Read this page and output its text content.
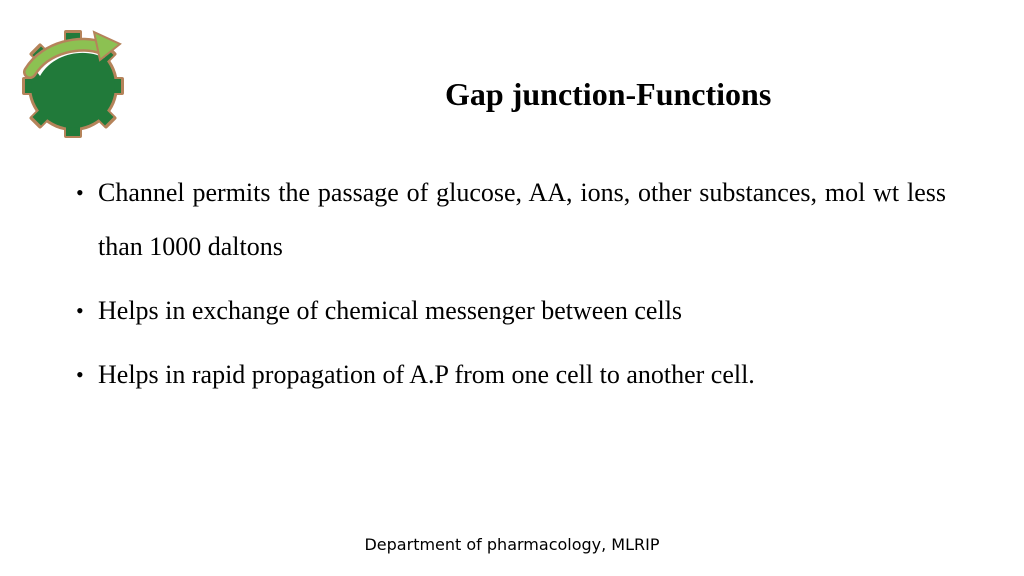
Gap junction-Functions
• Channel permits the passage of glucose, AA, ions, other substances, mol wt less than 1000 daltons
• Helps in exchange of chemical messenger between cells
• Helps in rapid propagation of A.P from one cell to another cell.
Department of pharmacology, MLRIP
